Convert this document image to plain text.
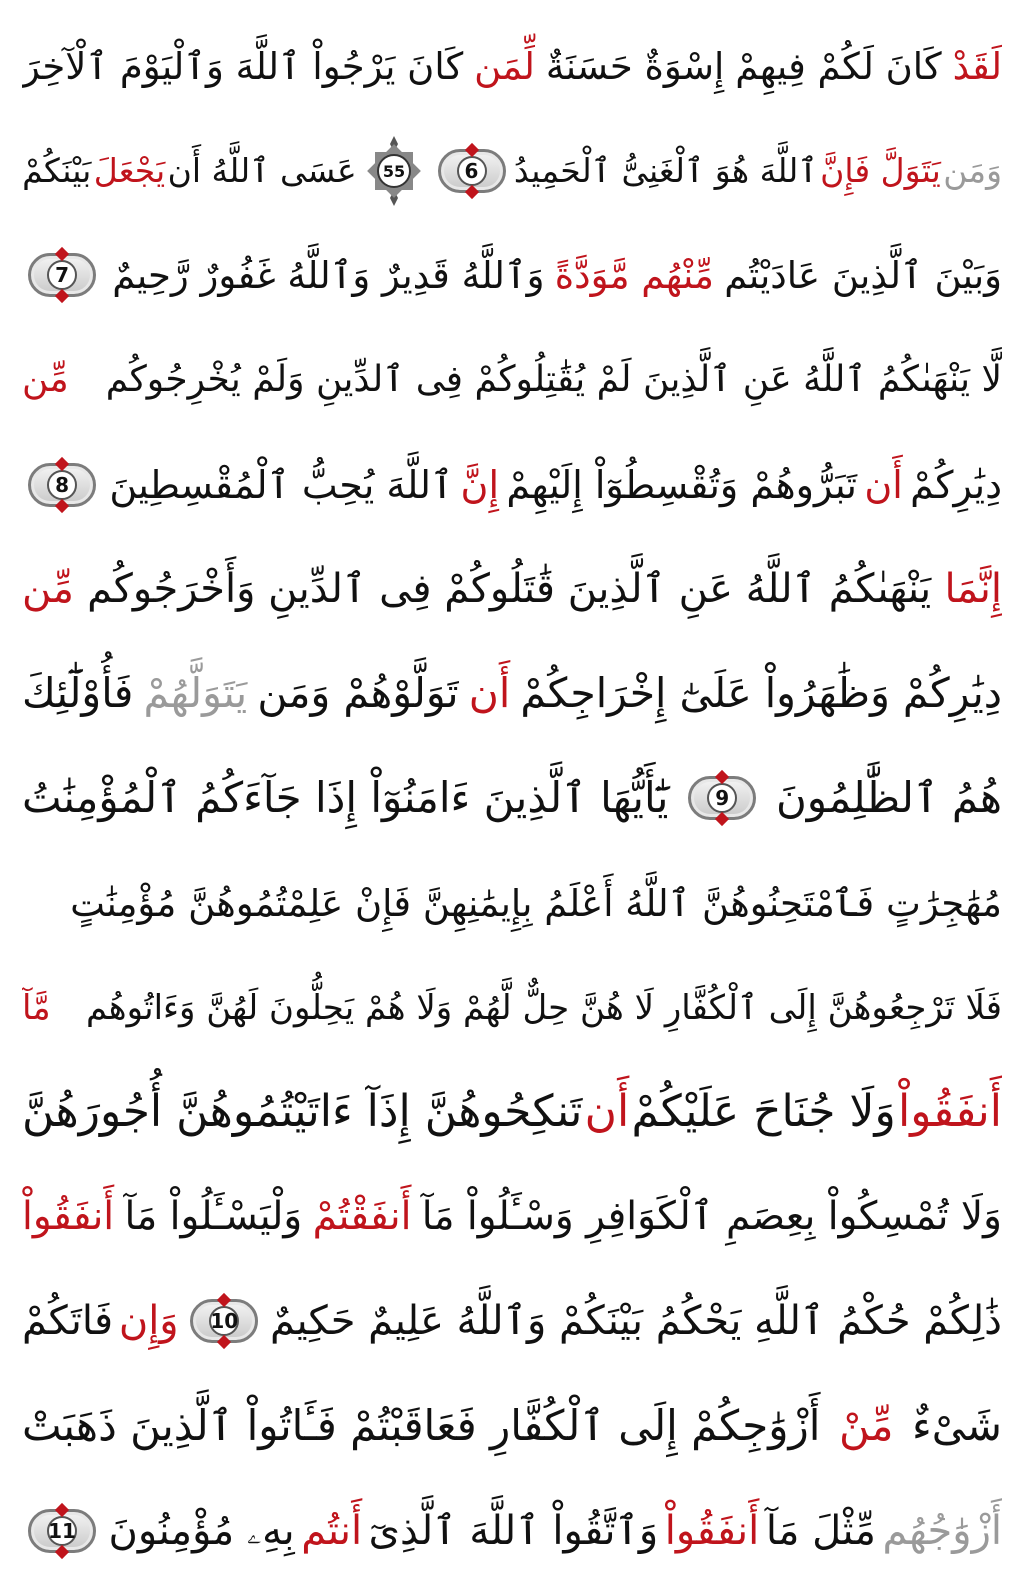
لَقَدْ
كَانَ لَكُمْ فِيهِمْ
إِسْوَةٌ حَسَنَةٌ
لِّمَن
كَانَ يَرْجُواْ ٱللَّهَ وَٱلْيَوْمَ ٱلْآخِرَ
وَمَن
يَتَوَلَّ فَإِنَّ
ٱللَّهَ هُوَ ٱلْغَنِىُّ ٱلْحَمِيدُ
6
55
عَسَى ٱللَّهُ أَن
يَجْعَلَ
بَيْنَكُمْ
وَبَيْنَ ٱلَّذِينَ عَادَيْتُم
مِّنْهُم مَّوَدَّةً
وَٱللَّهُ قَدِيرٌ وَٱللَّهُ غَفُورٌ رَّحِيمٌ
7
لَّا يَنْهَىٰكُمُ ٱللَّهُ عَنِ ٱلَّذِينَ لَمْ يُقَٰتِلُوكُمْ فِى ٱلدِّينِ وَلَمْ يُخْرِجُوكُم
مِّن
دِيَٰرِكُمْ
أَن
تَبَرُّوهُمْ وَتُقْسِطُوٓاْ إِلَيْهِمْ
إِنَّ
ٱللَّهَ يُحِبُّ ٱلْمُقْسِطِينَ
8
إِنَّمَا
يَنْهَىٰكُمُ ٱللَّهُ عَنِ ٱلَّذِينَ قَٰتَلُوكُمْ فِى ٱلدِّينِ وَأَخْرَجُوكُم
مِّن
دِيَٰرِكُمْ وَظَٰهَرُواْ عَلَىٰٓ إِخْرَاجِكُمْ
أَن
تَوَلَّوْهُمْ وَمَن
يَتَوَلَّهُمْ
فَأُوْلَٰٓئِكَ
هُمُ ٱلظَّٰلِمُونَ
9
يَٰٓأَيُّهَا ٱلَّذِينَ ءَامَنُوٓاْ إِذَا جَآءَكُمُ ٱلْمُؤْمِنَٰتُ
مُهَٰجِرَٰتٍ فَٱمْتَحِنُوهُنَّ ٱللَّهُ أَعْلَمُ بِإِيمَٰنِهِنَّ فَإِنْ عَلِمْتُمُوهُنَّ مُؤْمِنَٰتٍ
فَلَا تَرْجِعُوهُنَّ إِلَى ٱلْكُفَّارِ لَا هُنَّ حِلٌّ لَّهُمْ وَلَا هُمْ يَحِلُّونَ لَهُنَّ وَءَاتُوهُم
مَّآ
أَنفَقُواْ
وَلَا جُنَاحَ عَلَيْكُمْ
أَن
تَنكِحُوهُنَّ إِذَآ ءَاتَيْتُمُوهُنَّ أُجُورَهُنَّ
وَلَا تُمْسِكُواْ بِعِصَمِ ٱلْكَوَافِرِ وَسْـَٔلُواْ مَآ
أَنفَقْتُمْ
وَلْيَسْـَٔلُواْ مَآ
أَنفَقُواْ
ذَٰلِكُمْ حُكْمُ ٱللَّهِ يَحْكُمُ بَيْنَكُمْ وَٱللَّهُ عَلِيمٌ حَكِيمٌ
10
وَإِن
فَاتَكُمْ
شَىْءٌ
مِّنْ
أَزْوَٰجِكُمْ إِلَى ٱلْكُفَّارِ فَعَاقَبْتُمْ فَـَٔاتُواْ ٱلَّذِينَ ذَهَبَتْ
أَزْوَٰجُهُم
مِّثْلَ مَآ
أَنفَقُواْ
وَٱتَّقُواْ ٱللَّهَ ٱلَّذِىٓ
أَنتُم
بِهِۦ مُؤْمِنُونَ
11
